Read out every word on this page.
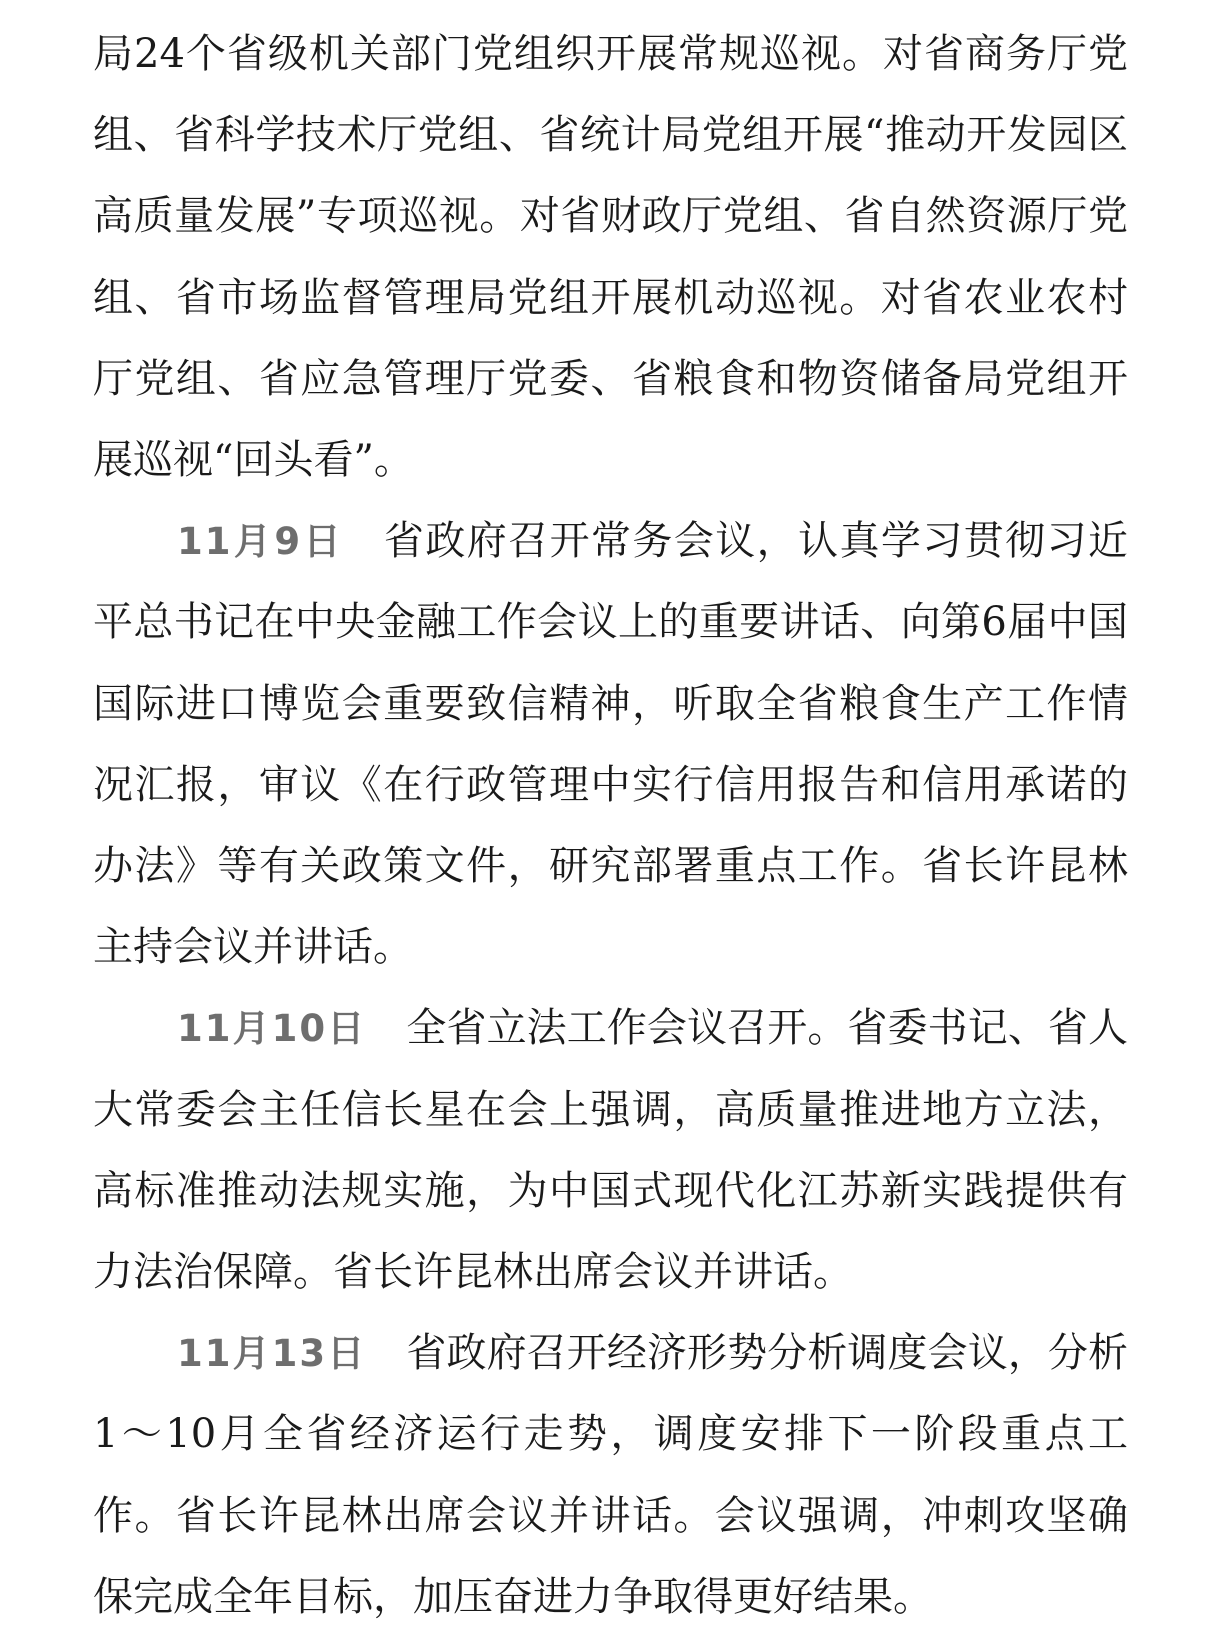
局24个省级机关部门党组织开展常规巡视。对省商务厅党组、省科学技术厅党组、省统计局党组开展“推动开发园区高质量发展”专项巡视。对省财政厅党组、省自然资源厅党组、省市场监督管理局党组开展机动巡视。对省农业农村厅党组、省应急管理厅党委、省粮食和物资储备局党组开展巡视“回头看”。

11月9日 省政府召开常务会议，认真学习贯彻习近平总书记在中央金融工作会议上的重要讲话、向第6届中国国际进口博览会重要致信精神，听取全省粮食生产工作情况汇报，审议《在行政管理中实行信用报告和信用承诺的办法》等有关政策文件，研究部署重点工作。省长许昆林主持会议并讲话。

11月10日 全省立法工作会议召开。省委书记、省人大常委会主任信长星在会上强调，高质量推进地方立法，高标准推动法规实施，为中国式现代化江苏新实践提供有力法治保障。省长许昆林出席会议并讲话。

11月13日 省政府召开经济形势分析调度会议，分析1～10月全省经济运行走势，调度安排下一阶段重点工作。省长许昆林出席会议并讲话。会议强调，冲刺攻坚确保完成全年目标，加压奋进力争取得更好结果。
